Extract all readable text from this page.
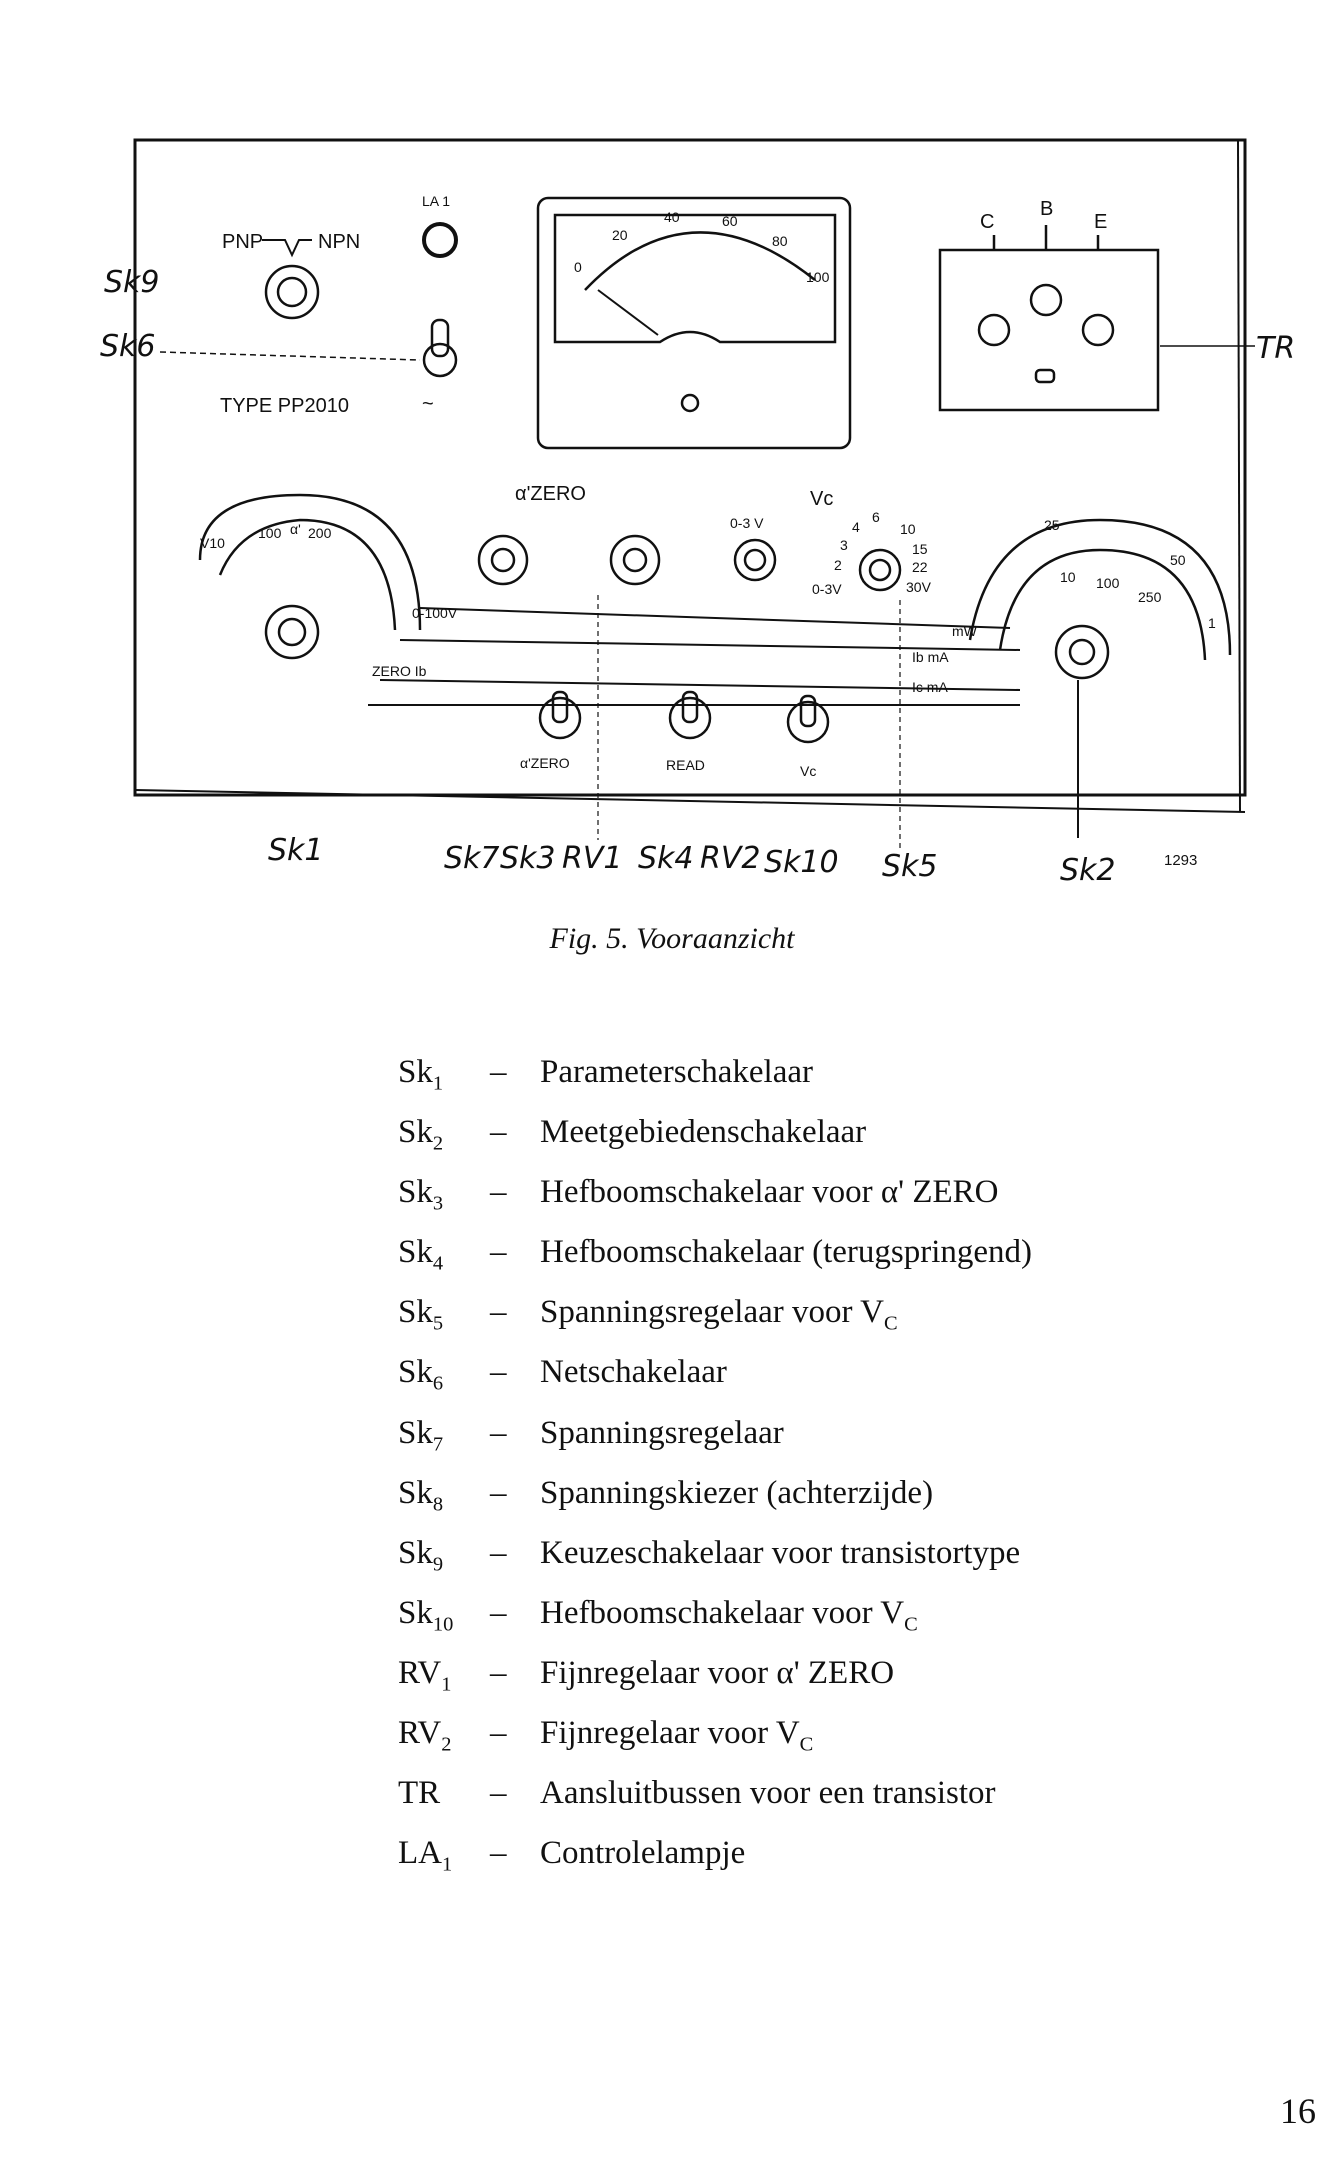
PNP	NPN
LA 1
TYPE PP2010	~
C
B
E
α'ZERO
0-3 V
Vc
0-100V
ZERO Ib
mW
Ib mA
Ic mA
α'ZERO	READ	Vc
0
20
40	60
80
100
0-3V
2
3
4
6
10
15
22
30V
V10
100 α' 200	25
50
10 100
250
1
Sk9
Sk6	TR
Sk1	Sk7 Sk3 RV1 Sk4 RV2 Sk10 Sk5	Sk2	1293
Fig. 5. Vooraanzicht
$Sk_1$	–	Parameterschakelaar
$Sk_2$	–	Meetgebiedenschakelaar
$Sk_3$	–	Hefboomschakelaar voor α' ZERO
$Sk_4$	–	Hefboomschakelaar (terugspringend)
$Sk_5$	–	Spanningsregelaar voor $V_C$
$Sk_6$	–	Netschakelaar
$Sk_7$	–	Spanningsregelaar
$Sk_8$	–	Spanningskiezer (achterzijde)
$Sk_9$	–	Keuzeschakelaar voor transistortype
$Sk_{10}$	–	Hefboomschakelaar voor $V_C$
$RV_1$	–	Fijnregelaar voor α' ZERO
$RV_2$	–	Fijnregelaar voor $V_C$
TR	–	Aansluitbussen voor een transistor
$LA_1$	–	Controlelampje
16
